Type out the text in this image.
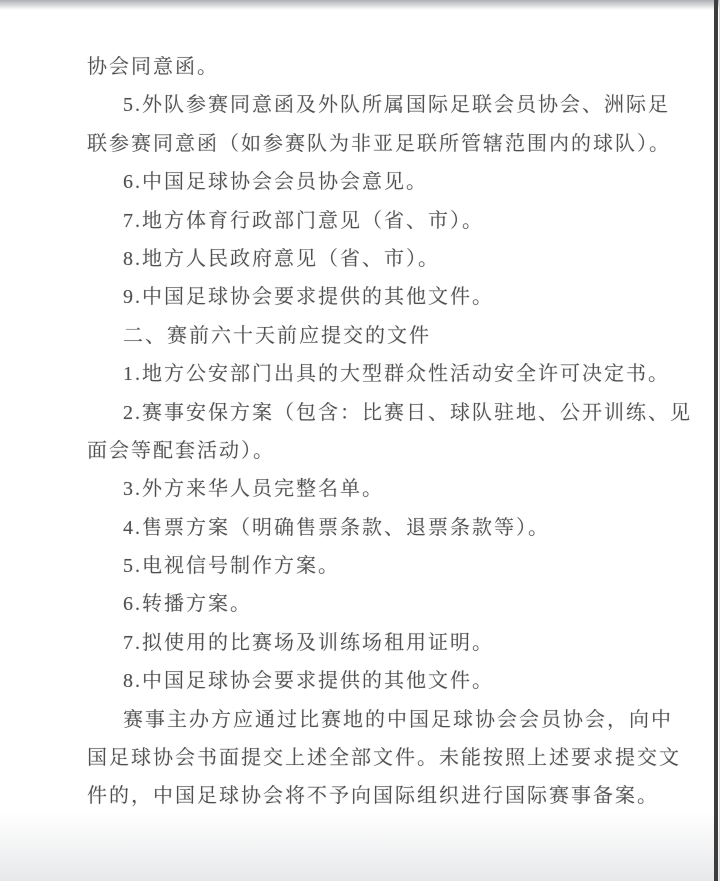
协会同意函。
5.外队参赛同意函及外队所属国际足联会员协会、洲际足
联参赛同意函（如参赛队为非亚足联所管辖范围内的球队）。
6.中国足球协会会员协会意见。
7.地方体育行政部门意见（省、市）。
8.地方人民政府意见（省、市）。
9.中国足球协会要求提供的其他文件。
二、赛前六十天前应提交的文件
1.地方公安部门出具的大型群众性活动安全许可决定书。
2.赛事安保方案（包含：比赛日、球队驻地、公开训练、见
面会等配套活动）。
3.外方来华人员完整名单。
4.售票方案（明确售票条款、退票条款等）。
5.电视信号制作方案。
6.转播方案。
7.拟使用的比赛场及训练场租用证明。
8.中国足球协会要求提供的其他文件。
赛事主办方应通过比赛地的中国足球协会会员协会，向中
国足球协会书面提交上述全部文件。未能按照上述要求提交文
件的，中国足球协会将不予向国际组织进行国际赛事备案。
